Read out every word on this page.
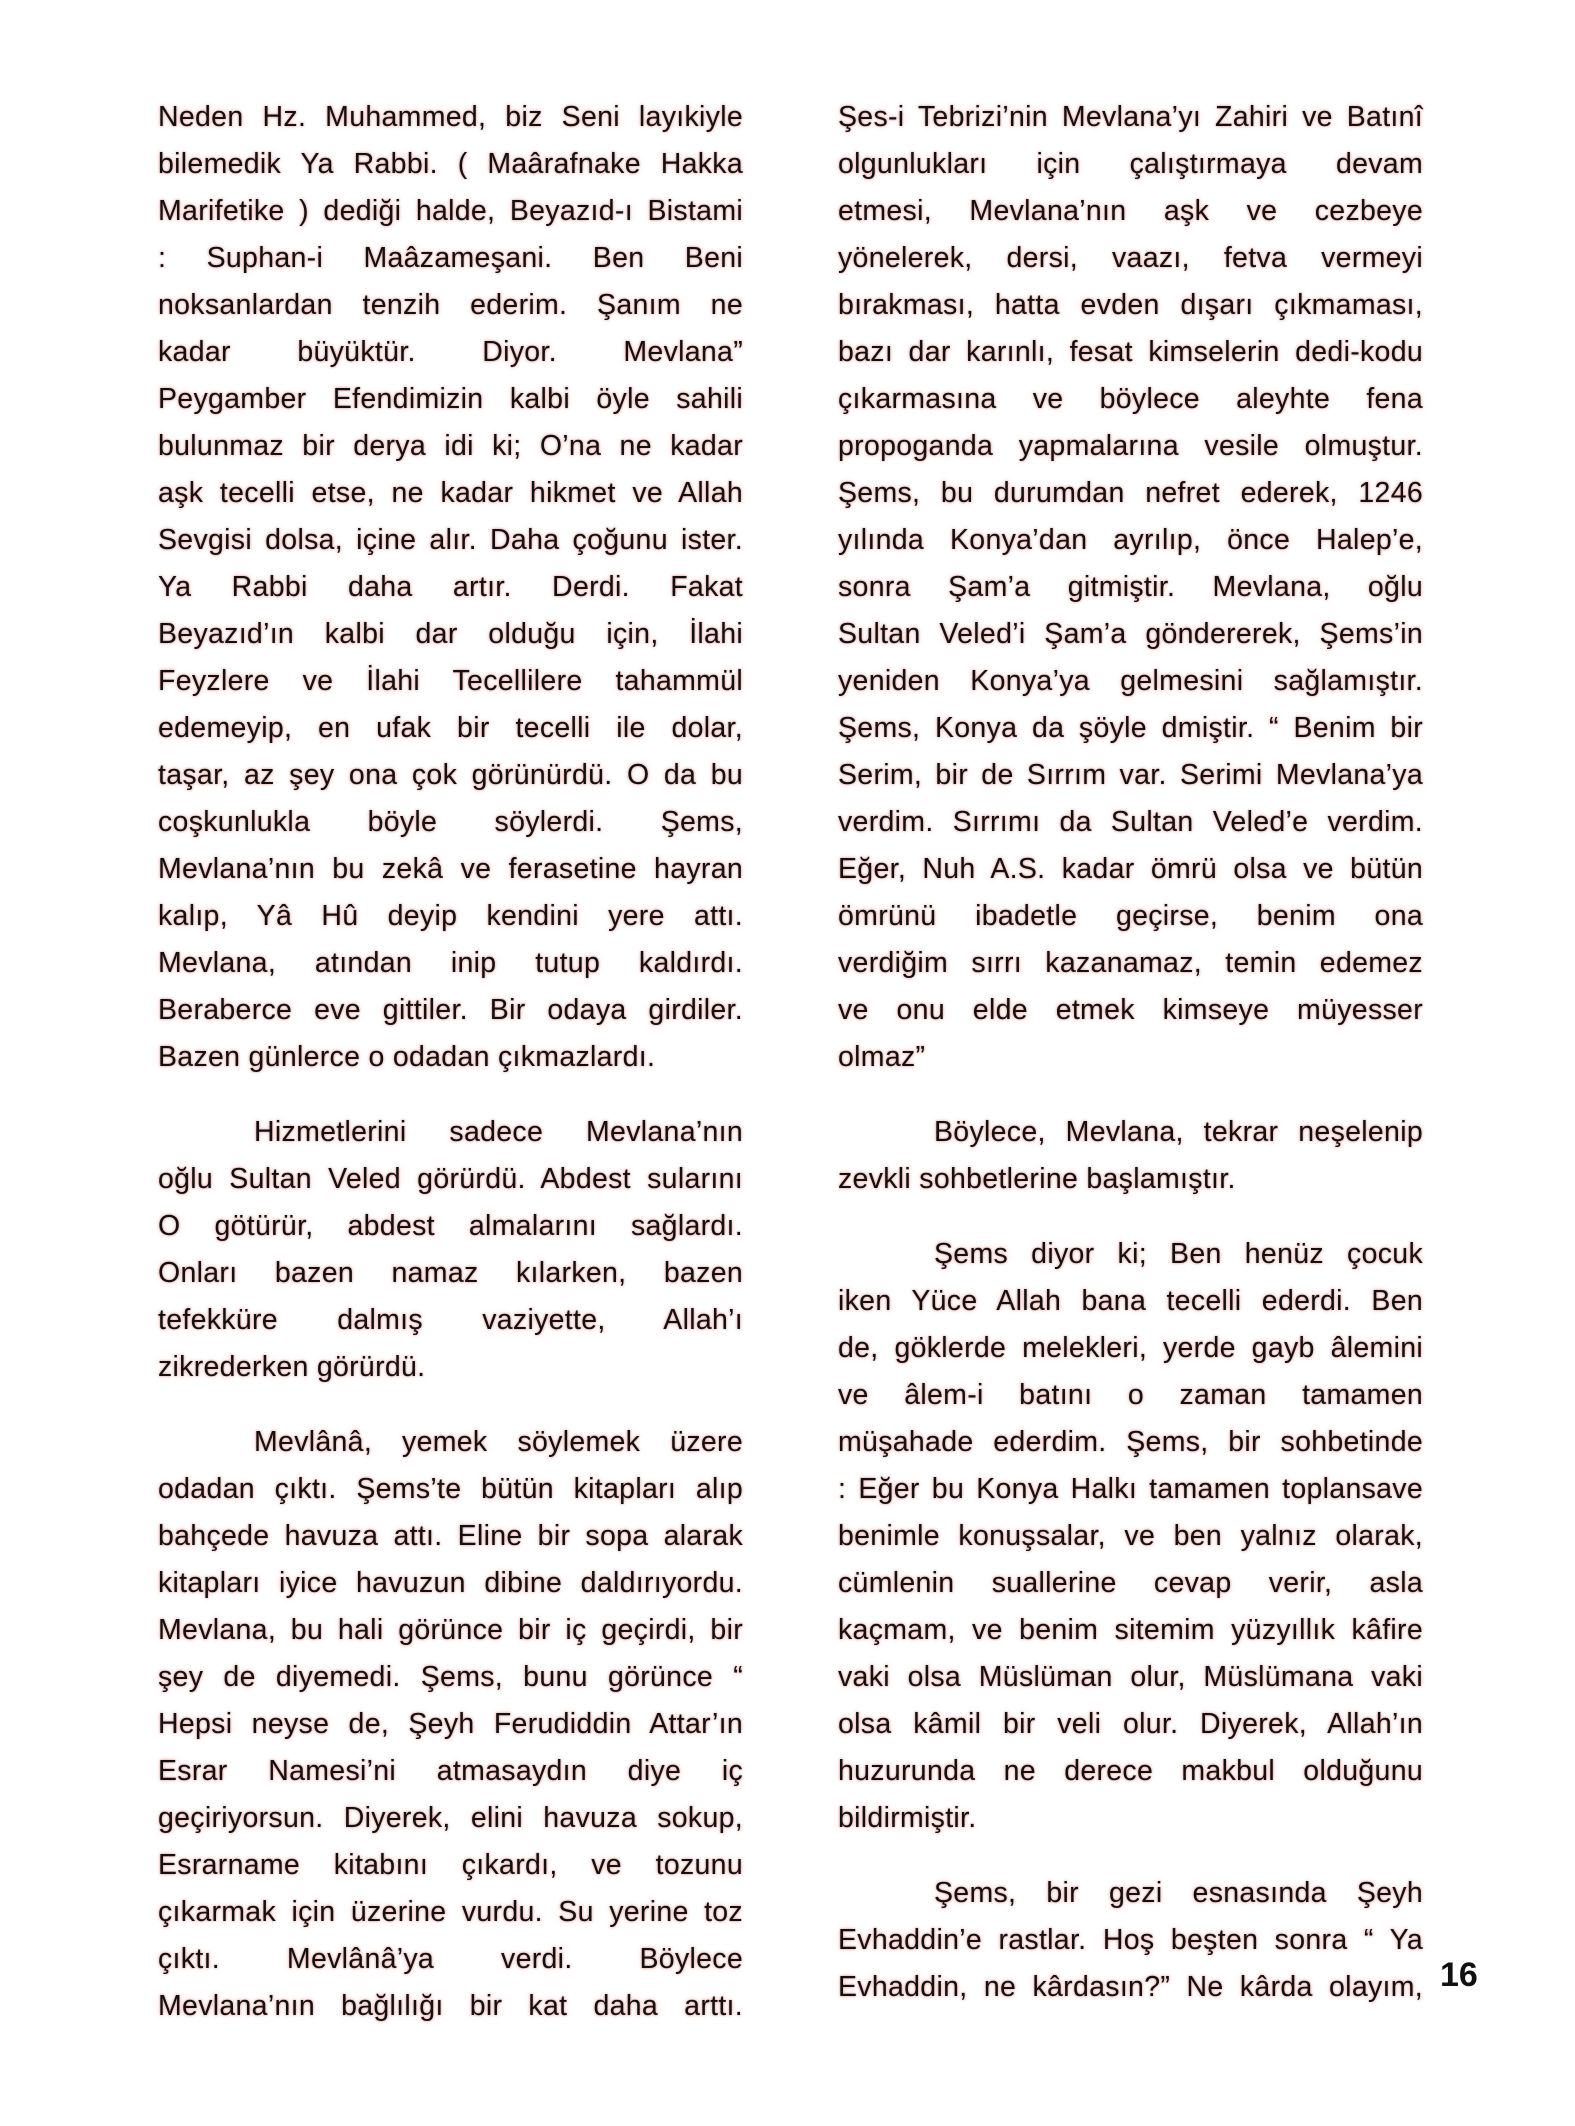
Neden Hz. Muhammed, biz Seni layıkiyle
bilemedik Ya Rabbi. ( Maârafnake Hakka
Marifetike ) dediği halde, Beyazıd-ı Bistami
: Suphan-i Maâzameşani. Ben Beni
noksanlardan tenzih ederim. Şanım ne
kadar büyüktür. Diyor. Mevlana”
Peygamber Efendimizin kalbi öyle sahili
bulunmaz bir derya idi ki; O’na ne kadar
aşk tecelli etse, ne kadar hikmet ve Allah
Sevgisi dolsa, içine alır. Daha çoğunu ister.
Ya Rabbi daha artır. Derdi. Fakat
Beyazıd’ın kalbi dar olduğu için, İlahi
Feyzlere ve İlahi Tecellilere tahammül
edemeyip, en ufak bir tecelli ile dolar,
taşar, az şey ona çok görünürdü. O da bu
coşkunlukla böyle söylerdi. Şems,
Mevlana’nın bu zekâ ve ferasetine hayran
kalıp, Yâ Hû deyip kendini yere attı.
Mevlana, atından inip tutup kaldırdı.
Beraberce eve gittiler. Bir odaya girdiler.
Bazen günlerce o odadan çıkmazlardı.
Hizmetlerini sadece Mevlana’nın
oğlu Sultan Veled görürdü. Abdest sularını
O götürür, abdest almalarını sağlardı.
Onları bazen namaz kılarken, bazen
tefekküre dalmış vaziyette, Allah’ı
zikrederken görürdü.
Mevlânâ, yemek söylemek üzere
odadan çıktı. Şems’te bütün kitapları alıp
bahçede havuza attı. Eline bir sopa alarak
kitapları iyice havuzun dibine daldırıyordu.
Mevlana, bu hali görünce bir iç geçirdi, bir
şey de diyemedi. Şems, bunu görünce “
Hepsi neyse de, Şeyh Ferudiddin Attar’ın
Esrar Namesi’ni atmasaydın diye iç
geçiriyorsun. Diyerek, elini havuza sokup,
Esrarname kitabını çıkardı, ve tozunu
çıkarmak için üzerine vurdu. Su yerine toz
çıktı. Mevlânâ’ya verdi. Böylece
Mevlana’nın bağlılığı bir kat daha arttı.
Şes-i Tebrizi’nin Mevlana’yı Zahiri ve Batınî
olgunlukları için çalıştırmaya devam
etmesi, Mevlana’nın aşk ve cezbeye
yönelerek, dersi, vaazı, fetva vermeyi
bırakması, hatta evden dışarı çıkmaması,
bazı dar karınlı, fesat kimselerin dedi-kodu
çıkarmasına ve böylece aleyhte fena
propoganda yapmalarına vesile olmuştur.
Şems, bu durumdan nefret ederek, 1246
yılında Konya’dan ayrılıp, önce Halep’e,
sonra Şam’a gitmiştir. Mevlana, oğlu
Sultan Veled’i Şam’a göndererek, Şems’in
yeniden Konya’ya gelmesini sağlamıştır.
Şems, Konya da şöyle dmiştir. “ Benim bir
Serim, bir de Sırrım var. Serimi Mevlana’ya
verdim. Sırrımı da Sultan Veled’e verdim.
Eğer, Nuh A.S. kadar ömrü olsa ve bütün
ömrünü ibadetle geçirse, benim ona
verdiğim sırrı kazanamaz, temin edemez
ve onu elde etmek kimseye müyesser
olmaz”
Böylece, Mevlana, tekrar neşelenip
zevkli sohbetlerine başlamıştır.
Şems diyor ki; Ben henüz çocuk
iken Yüce Allah bana tecelli ederdi. Ben
de, göklerde melekleri, yerde gayb âlemini
ve âlem-i batını o zaman tamamen
müşahade ederdim. Şems, bir sohbetinde
: Eğer bu Konya Halkı tamamen toplansave
benimle konuşsalar, ve ben yalnız olarak,
cümlenin suallerine cevap verir, asla
kaçmam, ve benim sitemim yüzyıllık kâfire
vaki olsa Müslüman olur, Müslümana vaki
olsa kâmil bir veli olur. Diyerek, Allah’ın
huzurunda ne derece makbul olduğunu
bildirmiştir.
Şems, bir gezi esnasında Şeyh
Evhaddin’e rastlar. Hoş beşten sonra “ Ya
Evhaddin, ne kârdasın?” Ne kârda olayım, 16
